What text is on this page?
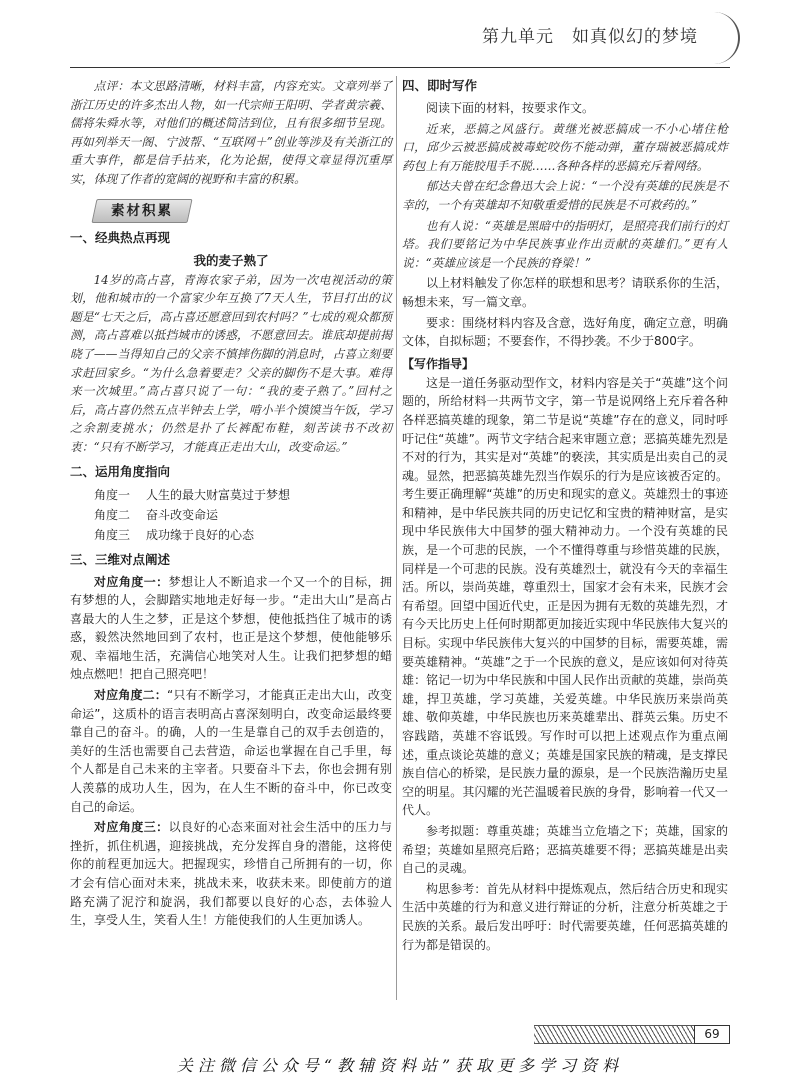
第九单元　如真似幻的梦境

点评：本文思路清晰，材料丰富，内容充实。文章列举了浙江历史的许多杰出人物，如一代宗师王阳明、学者黄宗羲、儒将朱舜水等，对他们的概述简洁到位，且有很多细节呈现。再如列举天一阁、宁波帮、“互联网＋”创业等涉及有关浙江的重大事件，都是信手拈来，化为论据，使得文章显得沉重厚实，体现了作者的宽阔的视野和丰富的积累。

素材积累
一、经典热点再现
我的麦子熟了

14岁的高占喜，青海农家子弟，因为一次电视活动的策划，他和城市的一个富家少年互换了7天人生，节目打出的议题是“七天之后，高占喜还愿意回到农村吗？”七成的观众都预测，高占喜难以抵挡城市的诱惑，不愿意回去。谁底却提前揭晓了——当得知自己的父亲不慎摔伤脚的消息时，占喜立刻要求赶回家乡。“为什么急着要走？父亲的脚伤不是大事。难得来一次城里。”高占喜只说了一句：“我的麦子熟了。”回村之后，高占喜仍然五点半钟去上学，啃小半个馍馍当午饭，学习之余割麦挑水；仍然是扑了长裤配布鞋，刻苦读书不改初衷：“只有不断学习，才能真正走出大山，改变命运。”

二、运用角度指向
角度一 人生的最大财富莫过于梦想
角度二 奋斗改变命运
角度三 成功缘于良好的心态
三、三维对点阐述

对应角度一：梦想让人不断追求一个又一个的目标，拥有梦想的人，会脚踏实地地走好每一步。“走出大山”是高占喜最大的人生之梦，正是这个梦想，使他抵挡住了城市的诱惑，毅然决然地回到了农村，也正是这个梦想，使他能够乐观、幸福地生活，充满信心地笑对人生。让我们把梦想的蜡烛点燃吧！把自己照亮吧！

对应角度二：“只有不断学习，才能真正走出大山，改变命运”，这质朴的语言表明高占喜深刻明白，改变命运最终要靠自己的奋斗。的确，人的一生是靠自己的双手去创造的，美好的生活也需要自己去营造，命运也掌握在自己手里，每个人都是自己未来的主宰者。只要奋斗下去，你也会拥有别人羡慕的成功人生，因为，在人生不断的奋斗中，你已改变自己的命运。

对应角度三：以良好的心态来面对社会生活中的压力与挫折，抓住机遇，迎接挑战，充分发挥自身的潜能，这将使你的前程更加远大。把握现实，珍惜自己所拥有的一切，你才会有信心面对未来，挑战未来，收获未来。即使前方的道路充满了泥泞和旋涡，我们都要以良好的心态，去体验人生，享受人生，笑看人生！方能使我们的人生更加诱人。

四、即时写作

阅读下面的材料，按要求作文。

近来，恶搞之风盛行。黄继光被恶搞成一不小心堵住枪口，邱少云被恶搞成被毒蛇咬伤不能动弹，董存瑞被恶搞成炸药包上有万能胶甩手不脱……各种各样的恶搞充斥着网络。

郁达夫曾在纪念鲁迅大会上说：“一个没有英雄的民族是不幸的，一个有英雄却不知敬重爱惜的民族是不可救药的。”

也有人说：“英雄是黑暗中的指明灯，是照亮我们前行的灯塔。我们要铭记为中华民族事业作出贡献的英雄们。”更有人说：“英雄应该是一个民族的脊梁！”

以上材料触发了你怎样的联想和思考？请联系你的生活，畅想未来，写一篇文章。

要求：围绕材料内容及含意，选好角度，确定立意，明确文体，自拟标题；不要套作，不得抄袭。不少于800字。

【写作指导】

这是一道任务驱动型作文，材料内容是关于“英雄”这个问题的，所给材料一共两节文字，第一节是说网络上充斥着各种各样恶搞英雄的现象，第二节是说“英雄”存在的意义，同时呼吁记住“英雄”。两节文字结合起来审题立意；恶搞英雄先烈是不对的行为，其实是对“英雄”的亵渎，其实质是出卖自己的灵魂。显然，把恶搞英雄先烈当作娱乐的行为是应该被否定的。考生要正确理解“英雄”的历史和现实的意义。英雄烈士的事迹和精神，是中华民族共同的历史记忆和宝贵的精神财富，是实现中华民族伟大中国梦的强大精神动力。一个没有英雄的民族，是一个可悲的民族，一个不懂得尊重与珍惜英雄的民族，同样是一个可悲的民族。没有英雄烈士，就没有今天的幸福生活。所以，崇尚英雄，尊重烈士，国家才会有未来，民族才会有希望。回望中国近代史，正是因为拥有无数的英雄先烈，才有今天比历史上任何时期都更加接近实现中华民族伟大复兴的目标。实现中华民族伟大复兴的中国梦的目标，需要英雄，需要英雄精神。“英雄”之于一个民族的意义，是应该如何对待英雄：铭记一切为中华民族和中国人民作出贡献的英雄，崇尚英雄，捍卫英雄，学习英雄，关爱英雄。中华民族历来崇尚英雄、敬仰英雄，中华民族也历来英雄辈出、群英云集。历史不容践踏，英雄不容诋毁。写作时可以把上述观点作为重点阐述，重点谈论英雄的意义；英雄是国家民族的精魂，是支撑民族自信心的桥梁，是民族力量的源泉，是一个民族浩瀚历史星空的明星。其闪耀的光芒温暖着民族的身骨，影响着一代又一代人。

参考拟题：尊重英雄；英雄当立危墙之下；英雄，国家的希望；英雄如星照亮后路；恶搞英雄要不得；恶搞英雄是出卖自己的灵魂。

构思参考：首先从材料中提炼观点，然后结合历史和现实生活中英雄的行为和意义进行辩证的分析，注意分析英雄之于民族的关系。最后发出呼吁：时代需要英雄，任何恶搞英雄的行为都是错误的。

69
关注微信公众号“教辅资料站”获取更多学习资料
